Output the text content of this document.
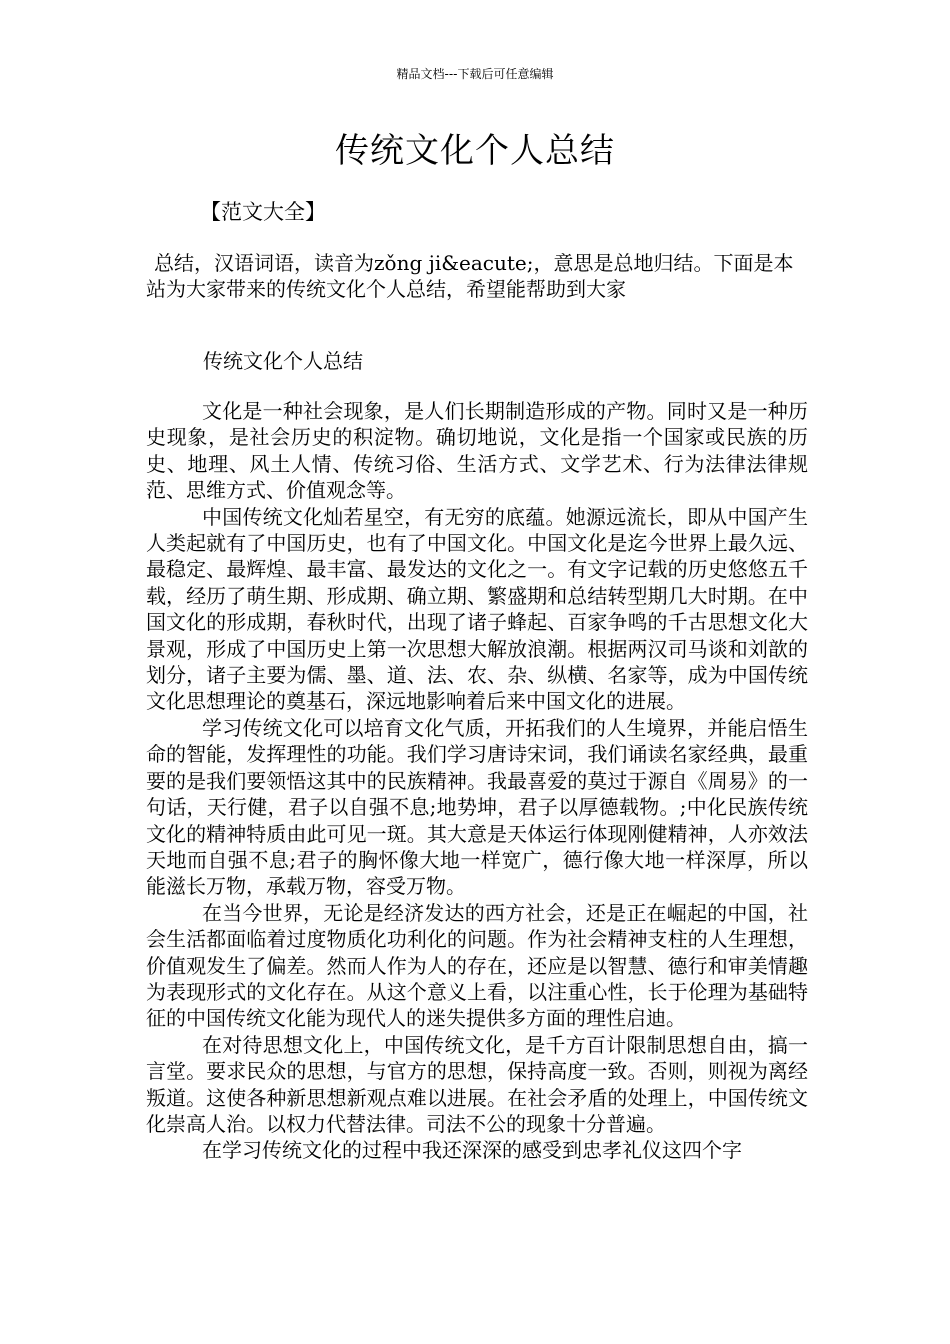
精品文档---下载后可任意编辑
传统文化个人总结
【范文大全】
总结，汉语词语，读音为zǒng ji&eacute;，意思是总地归结。下面是本站为大家带来的传统文化个人总结，希望能帮助到大家
传统文化个人总结

文化是一种社会现象，是人们长期制造形成的产物。同时又是一种历史现象，是社会历史的积淀物。确切地说，文化是指一个国家或民族的历史、地理、风土人情、传统习俗、生活方式、文学艺术、行为法律法律规范、思维方式、价值观念等。

中国传统文化灿若星空，有无穷的底蕴。她源远流长，即从中国产生人类起就有了中国历史，也有了中国文化。中国文化是迄今世界上最久远、最稳定、最辉煌、最丰富、最发达的文化之一。有文字记载的历史悠悠五千载，经历了萌生期、形成期、确立期、繁盛期和总结转型期几大时期。在中国文化的形成期，春秋时代，出现了诸子蜂起、百家争鸣的千古思想文化大景观，形成了中国历史上第一次思想大解放浪潮。根据两汉司马谈和刘歆的划分，诸子主要为儒、墨、道、法、农、杂、纵横、名家等，成为中国传统文化思想理论的奠基石，深远地影响着后来中国文化的进展。

学习传统文化可以培育文化气质，开拓我们的人生境界，并能启悟生命的智能，发挥理性的功能。我们学习唐诗宋词，我们诵读名家经典，最重要的是我们要领悟这其中的民族精神。我最喜爱的莫过于源自《周易》的一句话，天行健，君子以自强不息;地势坤，君子以厚德载物。;中化民族传统文化的精神特质由此可见一斑。其大意是天体运行体现刚健精神，人亦效法天地而自强不息;君子的胸怀像大地一样宽广，德行像大地一样深厚，所以能滋长万物，承载万物，容受万物。

在当今世界，无论是经济发达的西方社会，还是正在崛起的中国，社会生活都面临着过度物质化功利化的问题。作为社会精神支柱的人生理想，价值观发生了偏差。然而人作为人的存在，还应是以智慧、德行和审美情趣为表现形式的文化存在。从这个意义上看，以注重心性，长于伦理为基础特征的中国传统文化能为现代人的迷失提供多方面的理性启迪。

在对待思想文化上，中国传统文化，是千方百计限制思想自由，搞一言堂。要求民众的思想，与官方的思想，保持高度一致。否则，则视为离经叛道。这使各种新思想新观点难以进展。在社会矛盾的处理上，中国传统文化崇高人治。以权力代替法律。司法不公的现象十分普遍。

在学习传统文化的过程中我还深深的感受到忠孝礼仪这四个字
